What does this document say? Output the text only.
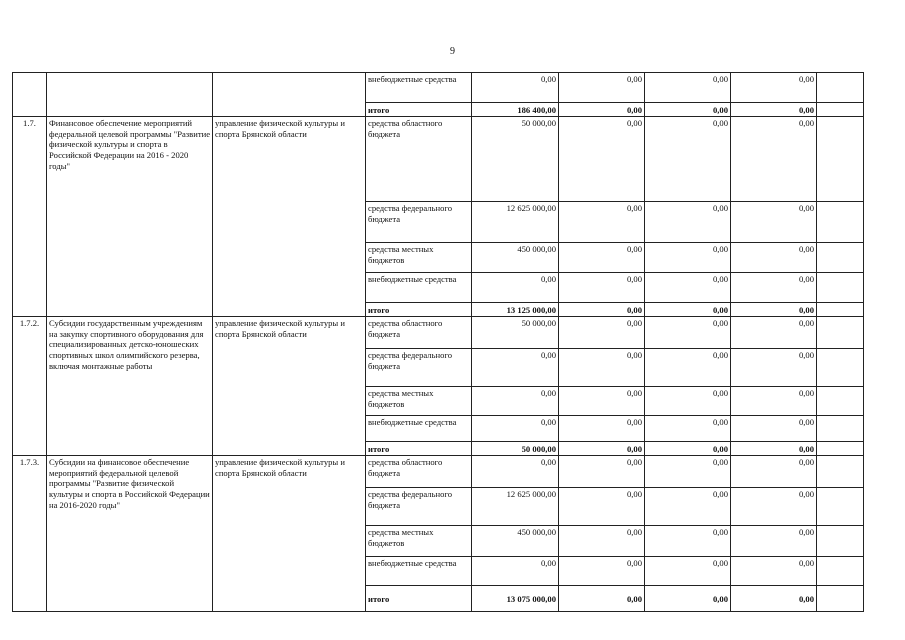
9
			внебюджетные средства	0,00	0,00	0,00	0,00	
			итого	186 400,00	0,00	0,00	0,00	
1.7.	Финансовое обеспечение мероприятий федеральной целевой программы "Развитие физической культуры и спорта в Российской Федерации на 2016 - 2020 годы"	управление физической культуры и спорта Брянской области	средства областного бюджета	50 000,00	0,00	0,00	0,00	
			средства федерального бюджета	12 625 000,00	0,00	0,00	0,00	
			средства местных бюджетов	450 000,00	0,00	0,00	0,00	
			внебюджетные средства	0,00	0,00	0,00	0,00	
			итого	13 125 000,00	0,00	0,00	0,00	
1.7.2.	Субсидии государственным учреждениям на закупку спортивного оборудования для специализированных детско-юношеских спортивных школ олимпийского резерва, включая монтажные работы	управление физической культуры и спорта Брянской области	средства областного бюджета	50 000,00	0,00	0,00	0,00	
			средства федерального бюджета	0,00	0,00	0,00	0,00	
			средства местных бюджетов	0,00	0,00	0,00	0,00	
			внебюджетные средства	0,00	0,00	0,00	0,00	
			итого	50 000,00	0,00	0,00	0,00	
1.7.3.	Субсидии на финансовое обеспечение мероприятий федеральной целевой программы "Развитие физической культуры и спорта в Российской Федерации на 2016-2020 годы"	управление физической культуры и спорта Брянской области	средства областного бюджета	0,00	0,00	0,00	0,00	
			средства федерального бюджета	12 625 000,00	0,00	0,00	0,00	
			средства местных бюджетов	450 000,00	0,00	0,00	0,00	
			внебюджетные средства	0,00	0,00	0,00	0,00	
			итого	13 075 000,00	0,00	0,00	0,00	
